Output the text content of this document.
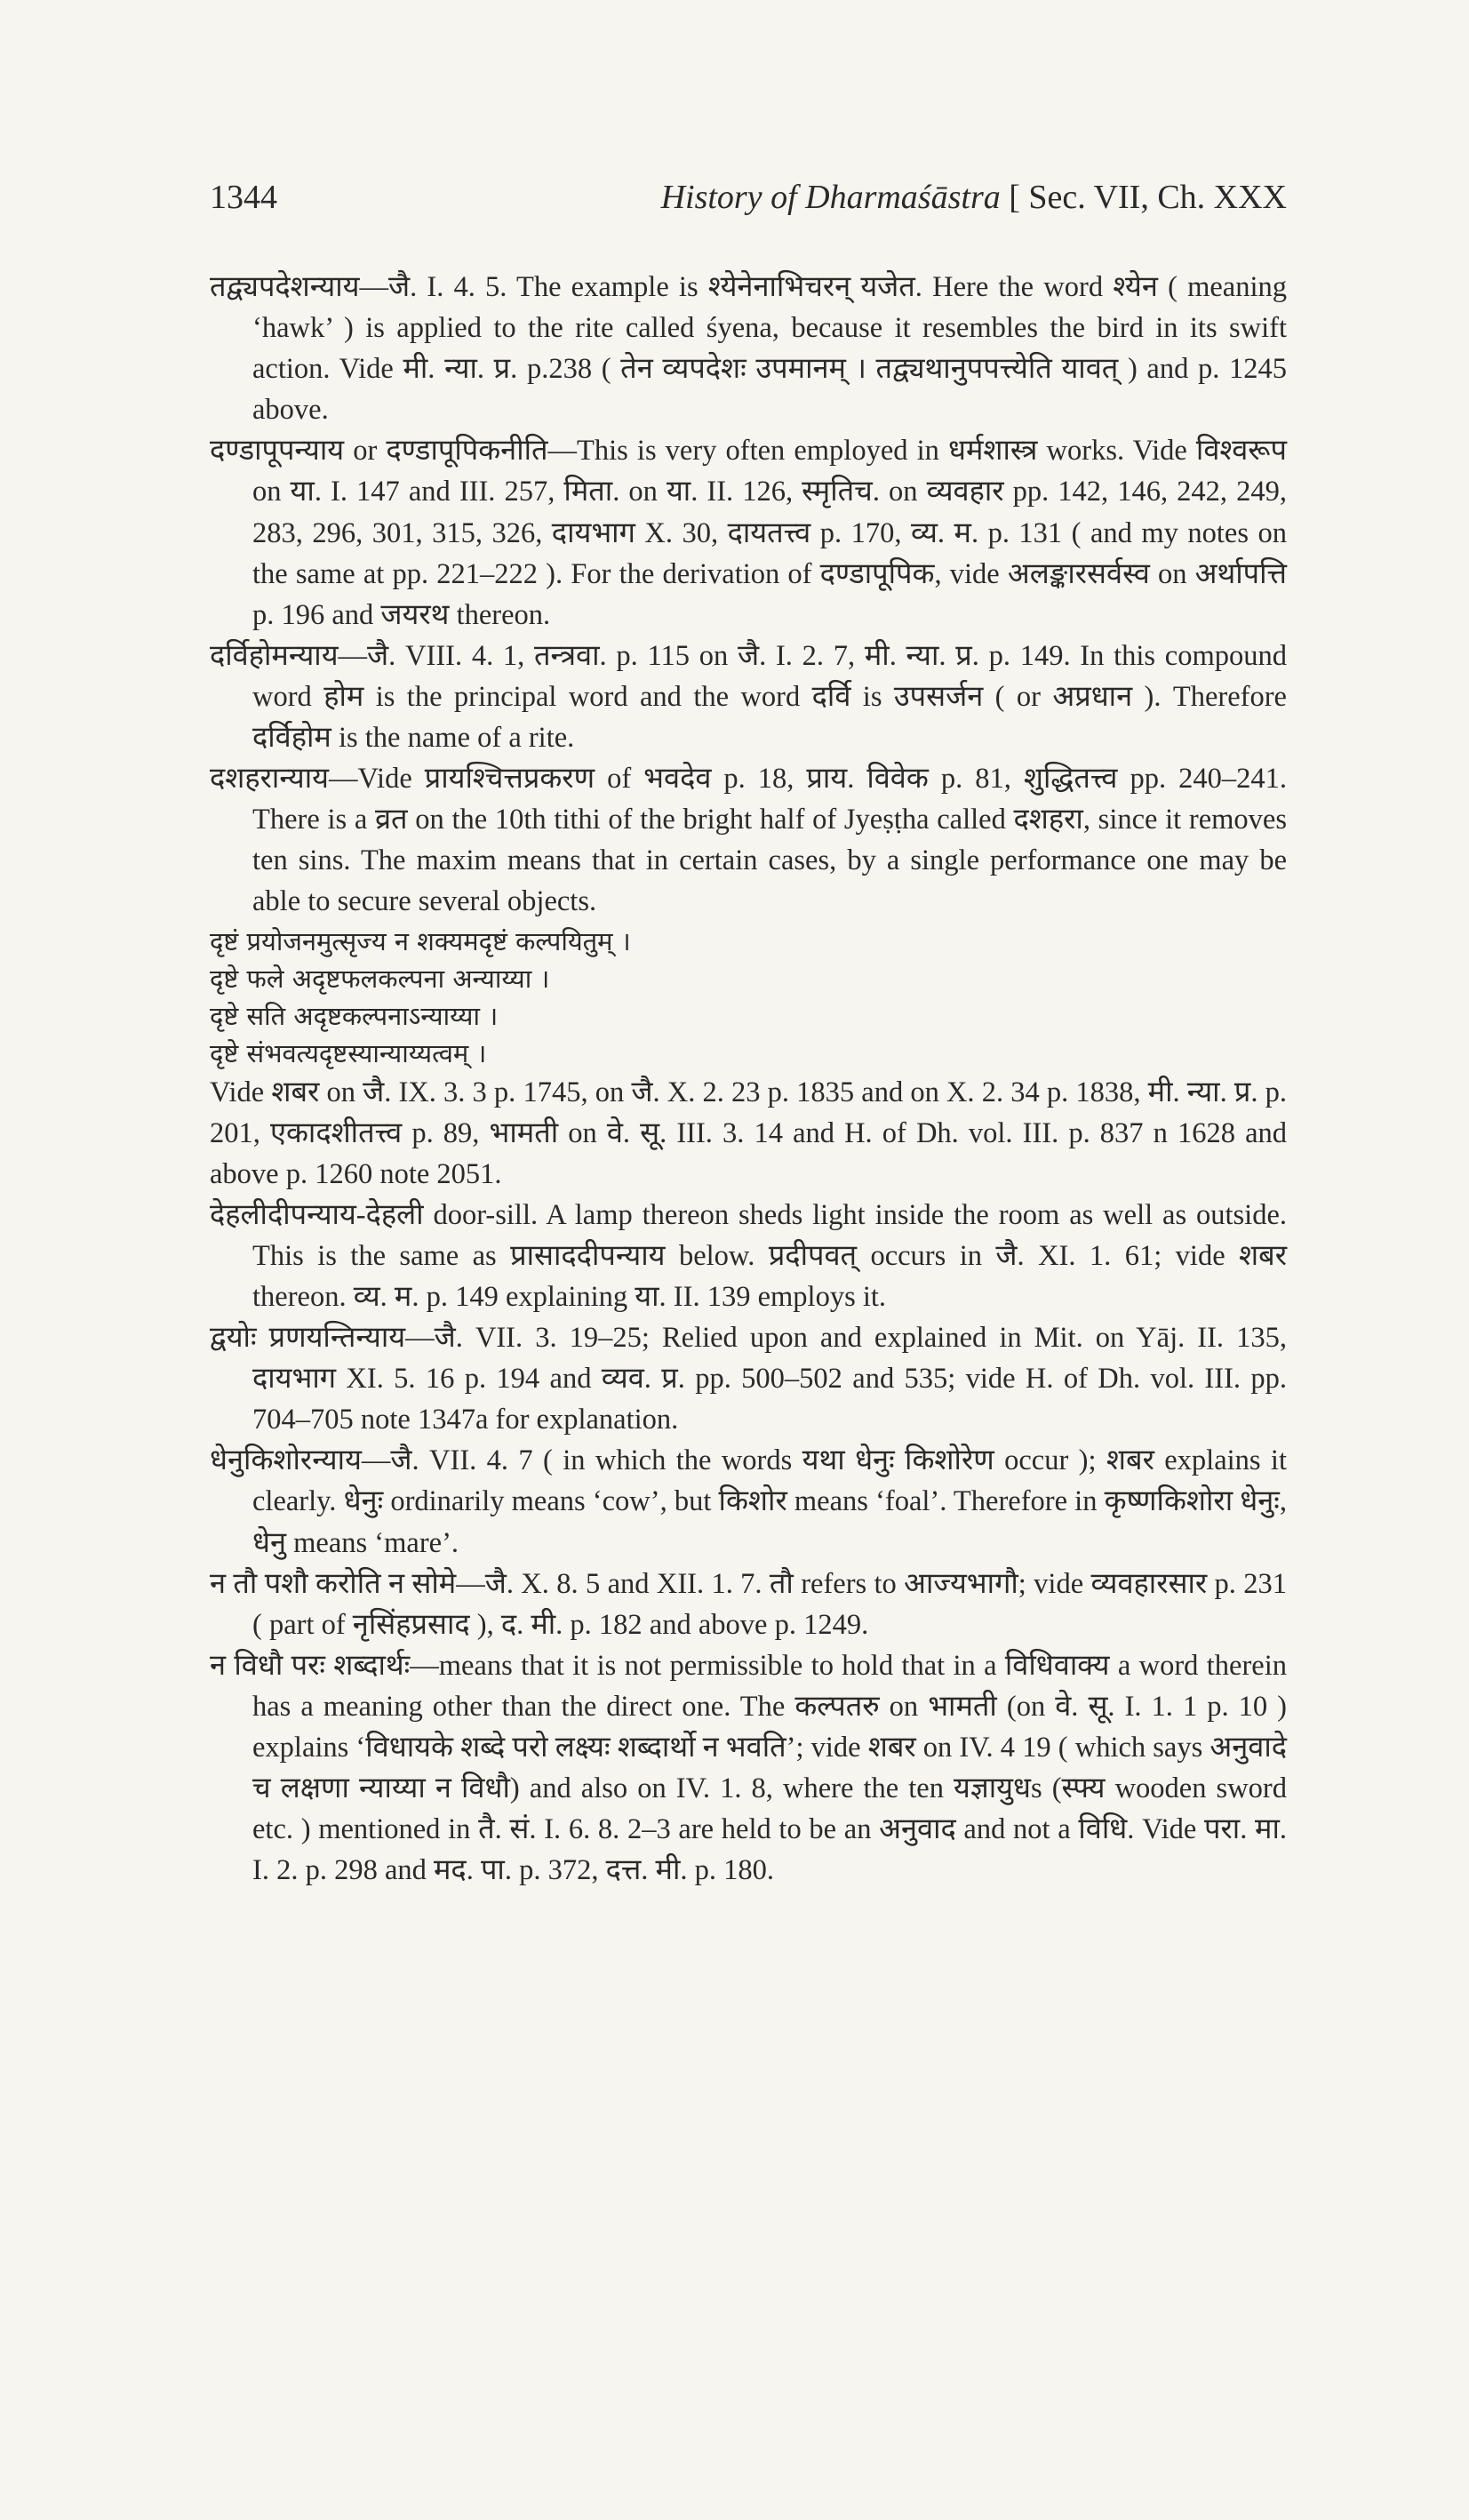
1344	History of Dharmaśāstra [ Sec. VII, Ch. XXX

तद्व्यपदेशन्याय—जै. I. 4. 5. The example is श्येनेनाभिचरन् यजेत. Here the word श्येन ( meaning ‘hawk’ ) is applied to the rite called śyena, because it resembles the bird in its swift action. Vide मी. न्या. प्र. p.238 ( तेन व्यपदेशः उपमानम् । तद्व्यथानुपपत्त्येति यावत् ) and p. 1245 above.

दण्डापूपन्याय or दण्डापूपिकनीति—This is very often employed in धर्मशास्त्र works. Vide विश्वरूप on या. I. 147 and III. 257, मिता. on या. II. 126, स्मृतिच. on व्यवहार pp. 142, 146, 242, 249, 283, 296, 301, 315, 326, दायभाग X. 30, दायतत्त्व p. 170, व्य. म. p. 131 ( and my notes on the same at pp. 221–222 ). For the derivation of दण्डापूपिक, vide अलङ्कारसर्वस्व on अर्थापत्ति p. 196 and जयरथ thereon.

दर्विहोमन्याय—जै. VIII. 4. 1, तन्त्रवा. p. 115 on जै. I. 2. 7, मी. न्या. प्र. p. 149. In this compound word होम is the principal word and the word दर्वि is उपसर्जन ( or अप्रधान ). Therefore दर्विहोम is the name of a rite.

दशहरान्याय—Vide प्रायश्चित्तप्रकरण of भवदेव p. 18, प्राय. विवेक p. 81, शुद्धितत्त्व pp. 240–241. There is a व्रत on the 10th tithi of the bright half of Jyeṣṭha called दशहरा, since it removes ten sins. The maxim means that in certain cases, by a single performance one may be able to secure several objects.

दृष्टं प्रयोजनमुत्सृज्य न शक्यमदृष्टं कल्पयितुम् ।

दृष्टे फले अदृष्टफलकल्पना अन्याय्या ।

दृष्टे सति अदृष्टकल्पनाऽन्याय्या ।

दृष्टे संभवत्यदृष्टस्यान्याय्यत्वम् ।

Vide शबर on जै. IX. 3. 3 p. 1745, on जै. X. 2. 23 p. 1835 and on X. 2. 34 p. 1838, मी. न्या. प्र. p. 201, एकादशीतत्त्व p. 89, भामती on वे. सू. III. 3. 14 and H. of Dh. vol. III. p. 837 n 1628 and above p. 1260 note 2051.

देहलीदीपन्याय-देहली door-sill. A lamp thereon sheds light inside the room as well as outside. This is the same as प्रासाददीपन्याय below. प्रदीपवत् occurs in जै. XI. 1. 61; vide शबर thereon. व्य. म. p. 149 explaining या. II. 139 employs it.

द्वयोः प्रणयन्तिन्याय—जै. VII. 3. 19–25; Relied upon and explained in Mit. on Yāj. II. 135, दायभाग XI. 5. 16 p. 194 and व्यव. प्र. pp. 500–502 and 535; vide H. of Dh. vol. III. pp. 704–705 note 1347a for explanation.

धेनुकिशोरन्याय—जै. VII. 4. 7 ( in which the words यथा धेनुः किशोरेण occur ); शबर explains it clearly. धेनुः ordinarily means ‘cow’, but किशोर means ‘foal’. Therefore in कृष्णकिशोरा धेनुः, धेनु means ‘mare’.

न तौ पशौ करोति न सोमे—जै. X. 8. 5 and XII. 1. 7. तौ refers to आज्यभागौ; vide व्यवहारसार p. 231 ( part of नृसिंहप्रसाद ), द. मी. p. 182 and above p. 1249.

न विधौ परः शब्दार्थः—means that it is not permissible to hold that in a विधिवाक्य a word therein has a meaning other than the direct one. The कल्पतरु on भामती (on वे. सू. I. 1. 1 p. 10 ) explains ‘विधायके शब्दे परो लक्ष्यः शब्दार्थो न भवति’; vide शबर on IV. 4 19 ( which says अनुवादे च लक्षणा न्याय्या न विधौ) and also on IV. 1. 8, where the ten यज्ञायुधs (स्फ्य wooden sword etc. ) mentioned in तै. सं. I. 6. 8. 2–3 are held to be an अनुवाद and not a विधि. Vide परा. मा. I. 2. p. 298 and मद. पा. p. 372, दत्त. मी. p. 180.
